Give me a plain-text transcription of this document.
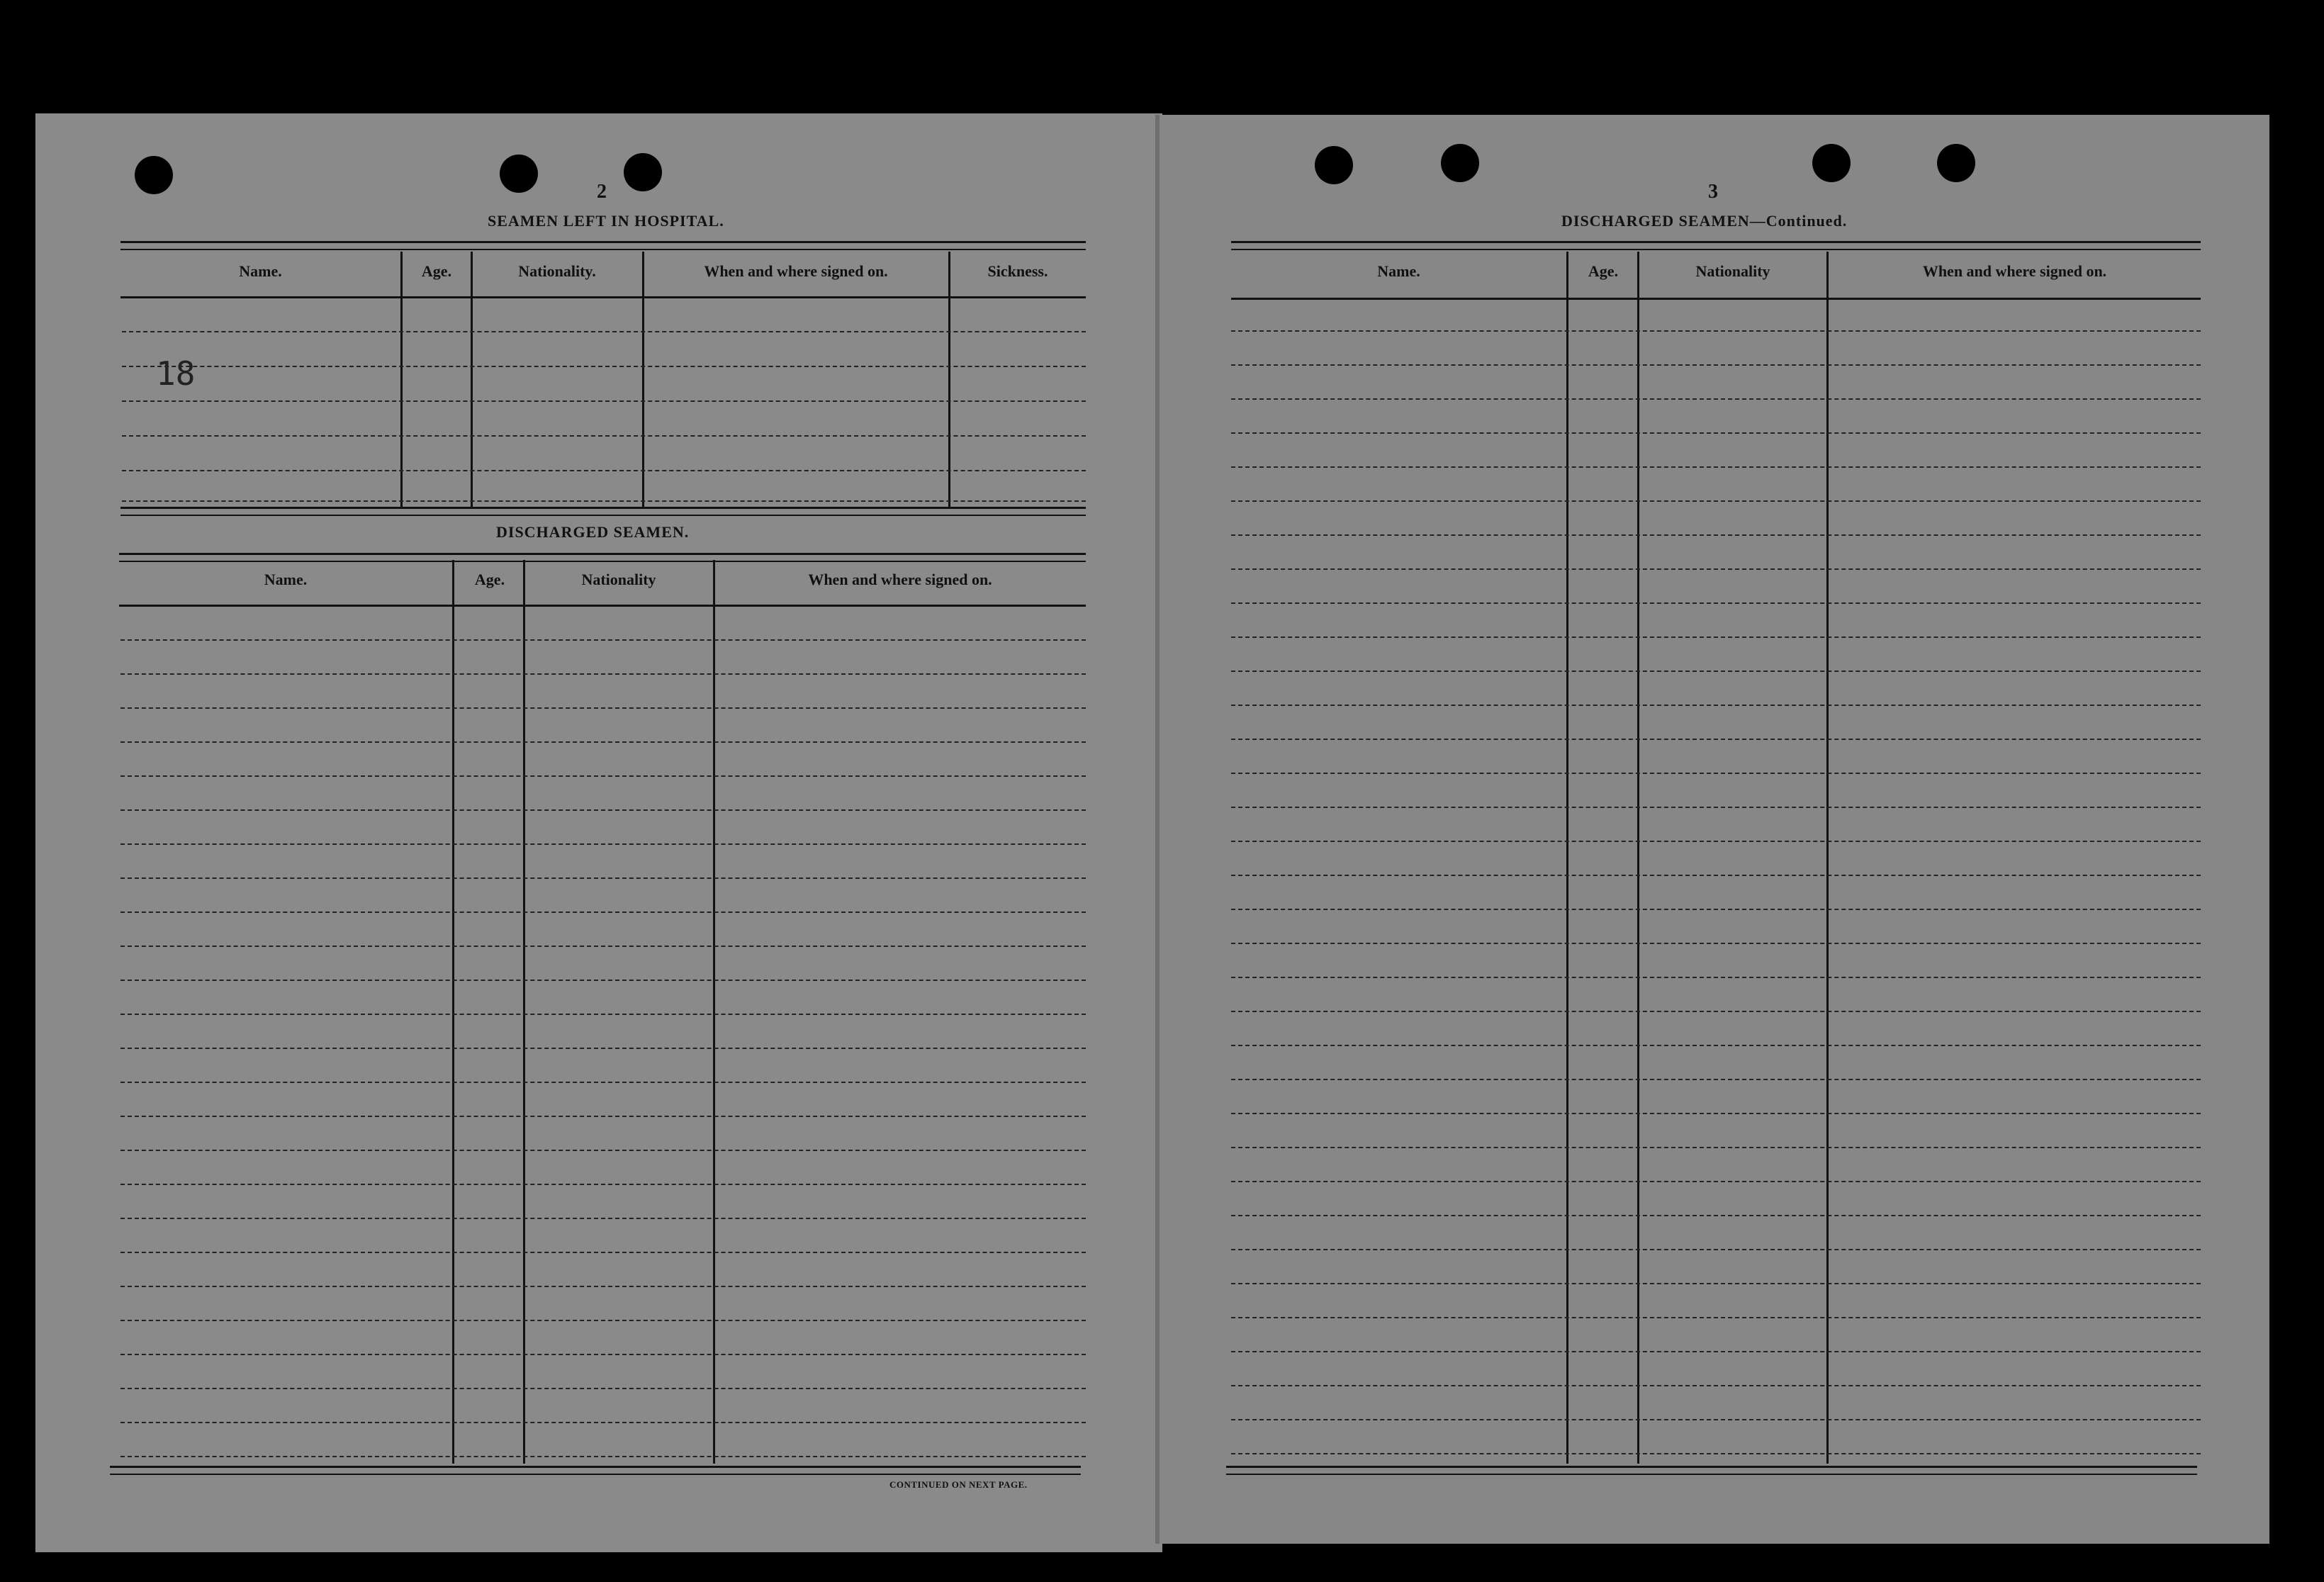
2
SEAMEN LEFT IN HOSPITAL.
Name.	Age.	Nationality.	When and where signed on.	Sickness.
18
DISCHARGED SEAMEN.
Name.	Age.	Nationality	When and where signed on.
CONTINUED ON NEXT PAGE.
3
DISCHARGED SEAMEN—Continued.
Name.	Age.	Nationality	When and where signed on.
